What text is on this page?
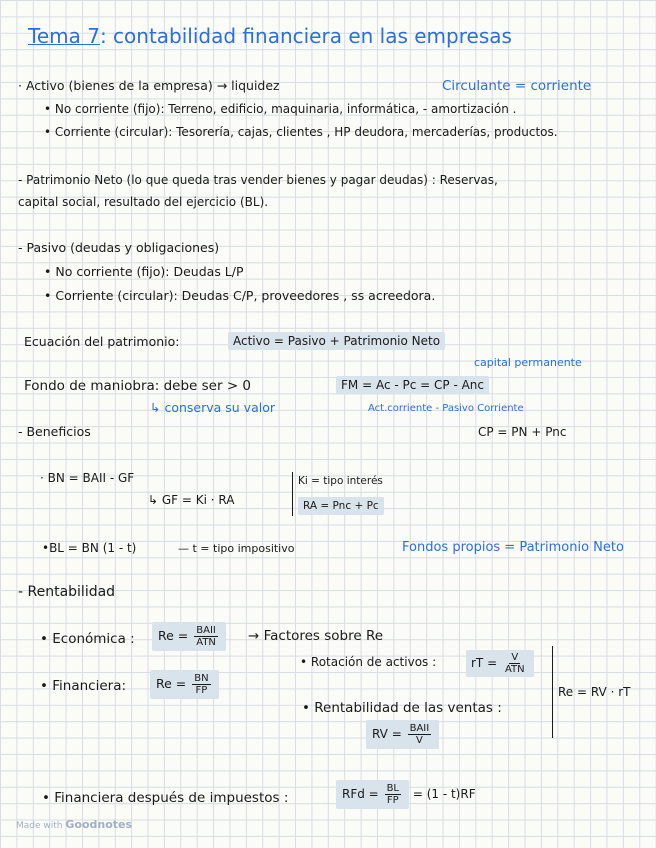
Tema 7: contabilidad financiera en las empresas
· Activo (bienes de la empresa) → liquidez	Circulante = corriente
• No corriente (fijo): Terreno, edificio, maquinaria, informática, - amortización .
• Corriente (circular): Tesorería, cajas, clientes , HP deudora, mercaderías, productos.
- Patrimonio Neto (lo que queda tras vender bienes y pagar deudas) : Reservas,
capital social, resultado del ejercicio (BL).
- Pasivo (deudas y obligaciones)
• No corriente (fijo): Deudas L/P
• Corriente (circular): Deudas C/P, proveedores , ss acreedora.
Ecuación del patrimonio:	Activo = Pasivo + Patrimonio Neto
capital permanente
Fondo de maniobra: debe ser > 0	FM = Ac - Pc = CP - Anc
↳ conserva su valor	Act.corriente - Pasivo Corriente
- Beneficios	CP = PN + Pnc
· BN = BAII - GF
↳ GF = Ki · RA
Ki = tipo interés
RA = Pnc + Pc
•BL = BN (1 - t)	— t = tipo impositivo	Fondos propios = Patrimonio Neto
- Rentabilidad
• Económica :	$Re = \frac{\text{BAII}}{\text{ATN}}$ → Factores sobre Re
• Rotación de activos :	rT = $\frac{V}{\text{ATN}}$
• Financiera:	$Re = \frac{BN}{FP}$	Re = RV · rT
• Rentabilidad de las ventas :
RV = $\frac{\text{BAII}}{V}$
• Financiera después de impuestos :	RFd = $\frac{BL}{FP} = (1 - t)RF$
Made with Goodnotes
